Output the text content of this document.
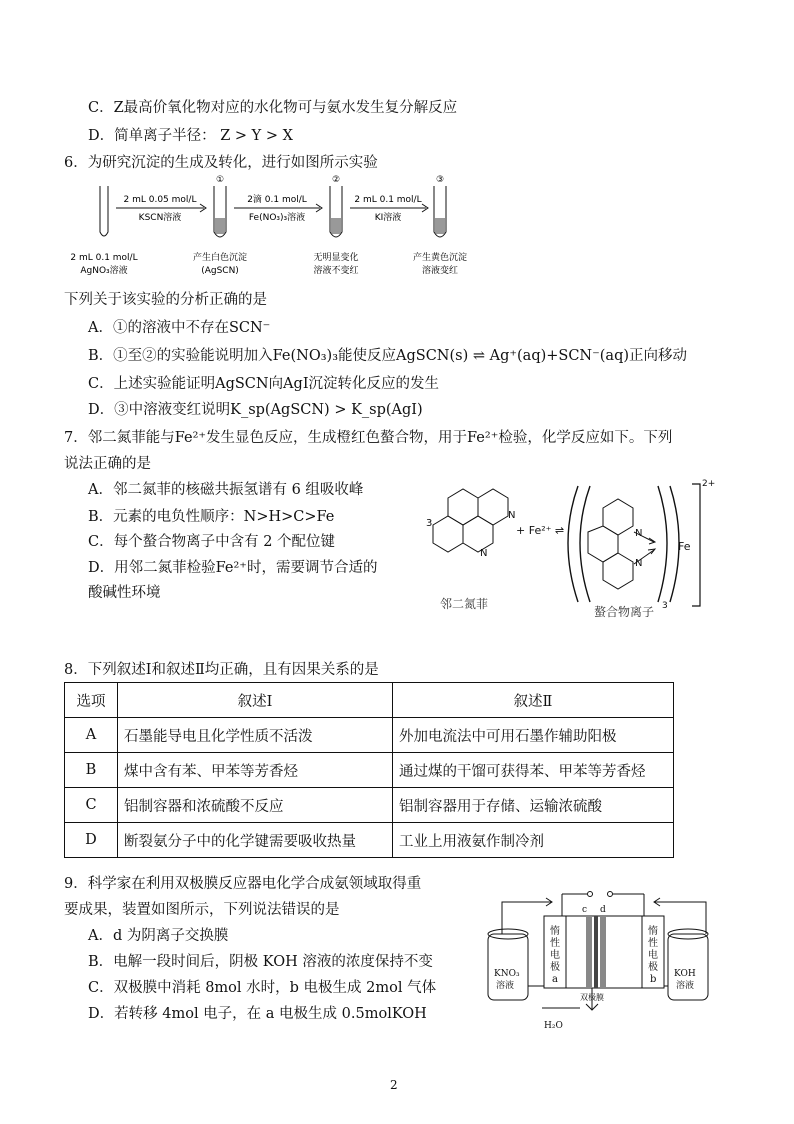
C．Z最高价氧化物对应的水化物可与氨水发生复分解反应
D．简单离子半径： Z > Y > X
6．为研究沉淀的生成及转化，进行如图所示实验
①	②	③
2 mL 0.05 mol/L
KSCN溶液
2滴 0.1 mol/L
Fe(NO₃)₃溶液
2 mL 0.1 mol/L
KI溶液
2 mL 0.1 mol/L
AgNO₃溶液
产生白色沉淀
(AgSCN)
无明显变化
溶液不变红
产生黄色沉淀
溶液变红
下列关于该实验的分析正确的是
A．①的溶液中不存在SCN⁻
B．①至②的实验能说明加入Fe(NO₃)₃能使反应AgSCN(s) ⇌ Ag⁺(aq)+SCN⁻(aq)正向移动
C．上述实验能证明AgSCN向AgI沉淀转化反应的发生
D．③中溶液变红说明K_sp(AgSCN) > K_sp(AgI)
7．邻二氮菲能与Fe²⁺发生显色反应，生成橙红色螯合物，用于Fe²⁺检验，化学反应如下。下列
说法正确的是
A．邻二氮菲的核磁共振氢谱有 6 组吸收峰
B．元素的电负性顺序：N>H>C>Fe
C．每个螯合物离子中含有 2 个配位键
D．用邻二氮菲检验Fe²⁺时，需要调节合适的
酸碱性环境
3
N
N
+ Fe²⁺ ⇌	N
N
Fe
2+
3
邻二氮菲
螯合物离子
8．下列叙述Ⅰ和叙述Ⅱ均正确，且有因果关系的是
选项	叙述Ⅰ	叙述Ⅱ
A	石墨能导电且化学性质不活泼	外加电流法中可用石墨作辅助阳极
B	煤中含有苯、甲苯等芳香烃	通过煤的干馏可获得苯、甲苯等芳香烃
C	铝制容器和浓硫酸不反应	铝制容器用于存储、运输浓硫酸
D	断裂氨分子中的化学键需要吸收热量	工业上用液氨作制冷剂
9．科学家在利用双极膜反应器电化学合成氨领域取得重
要成果，装置如图所示，下列说法错误的是
A．d 为阴离子交换膜
B．电解一段时间后，阴极 KOH 溶液的浓度保持不变
C．双极膜中消耗 8mol 水时，b 电极生成 2mol 气体
D．若转移 4mol 电子，在 a 电极生成 0.5molKOH
KNO₃
溶液
KOH
溶液
惰
性
电
极
a
惰
性
电
极
b
c d
双极膜
H₂O
2
